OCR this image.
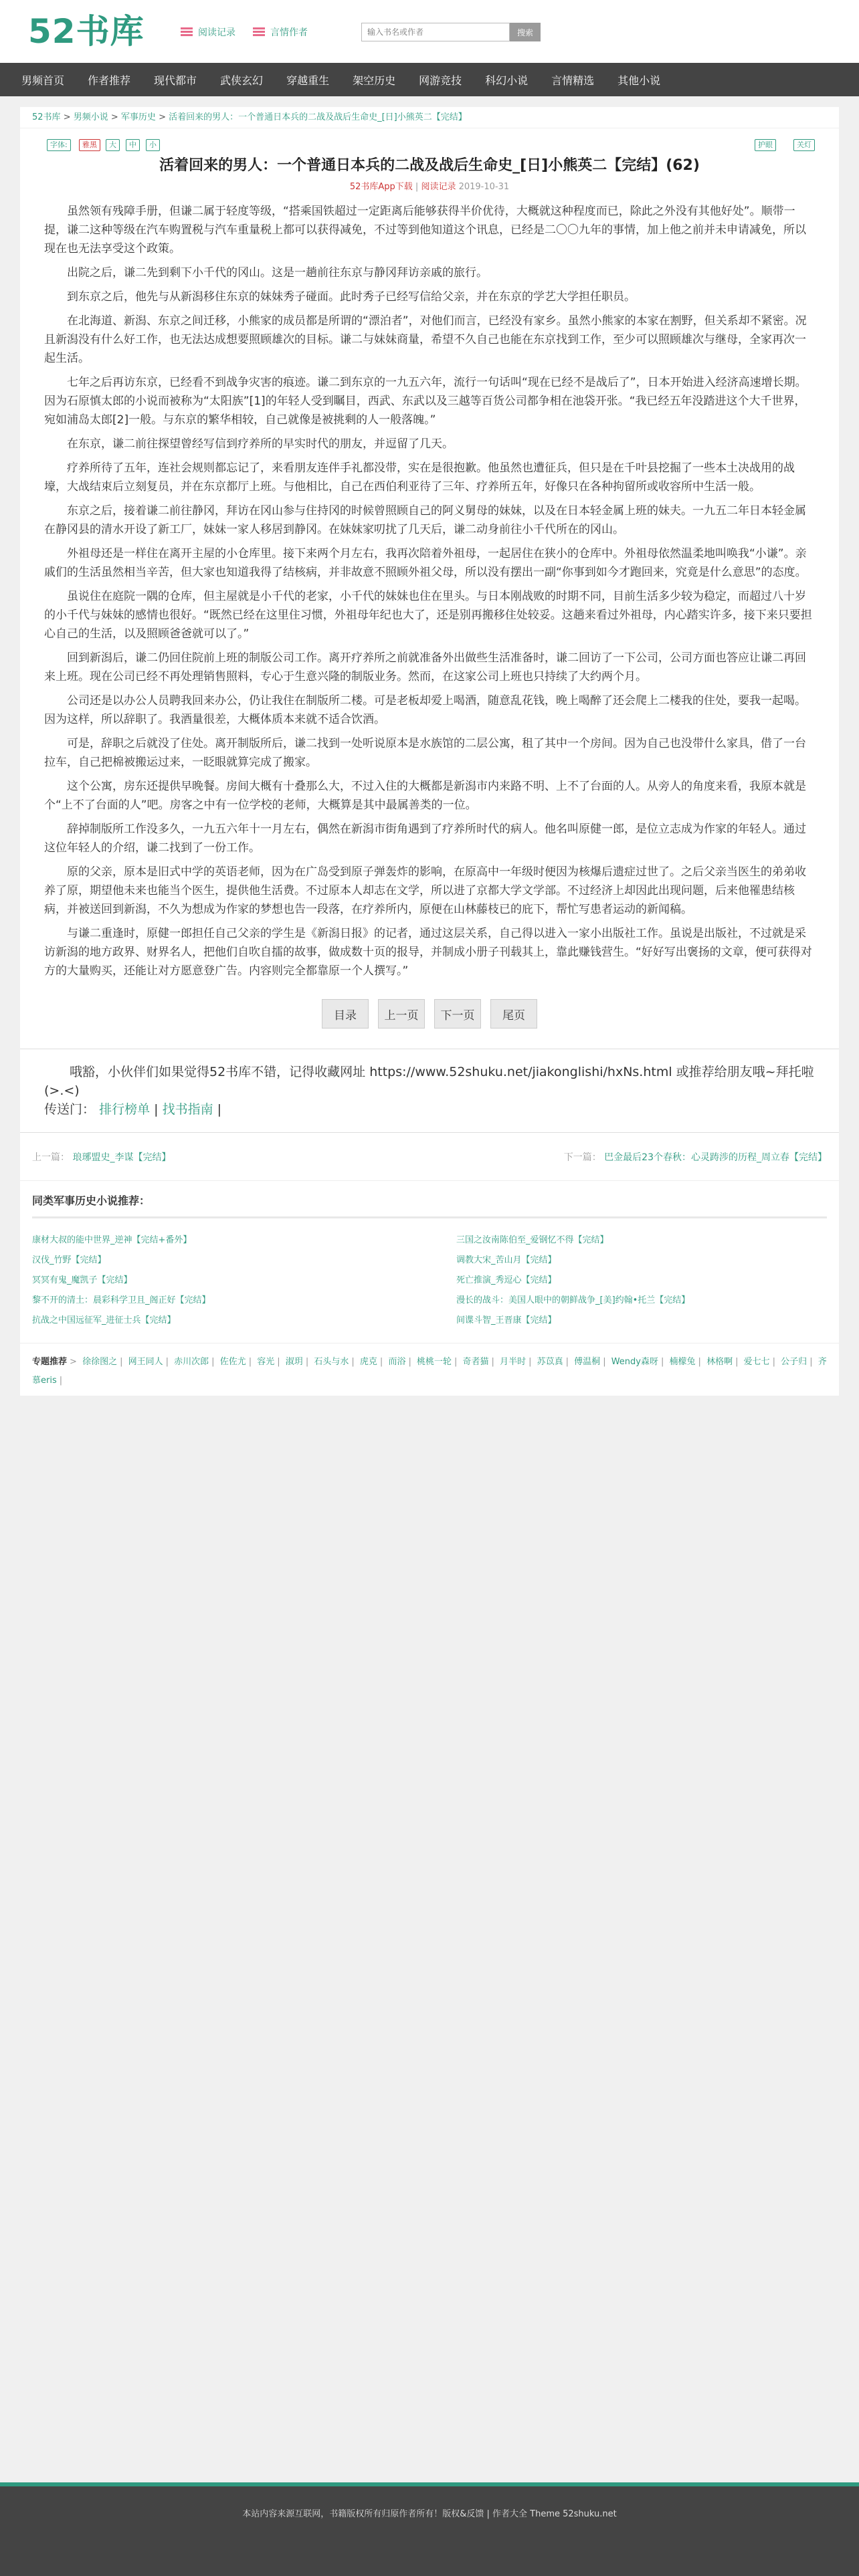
52书库	阅读记录	言情作者
输入书名或作者	搜索
男频首页 作者推荐 现代都市 武侠玄幻 穿越重生 架空历史 网游竞技 科幻小说 言情精选 其他小说
52书库 > 男频小说 > 军事历史 > 活着回来的男人：一个普通日本兵的二战及战后生命史_[日]小熊英二【完结】
字体:	雅黑	大	中	小	护眼	关灯
活着回来的男人：一个普通日本兵的二战及战后生命史_[日]小熊英二【完结】(62)
52书库App下载 | 阅读记录 2019-10-31

虽然领有残障手册，但谦二属于轻度等级，“搭乘国铁超过一定距离后能够获得半价优待，大概就这种程度而已，除此之外没有其他好处”。顺带一提，谦二这种等级在汽车购置税与汽车重量税上都可以获得减免，不过等到他知道这个讯息，已经是二〇〇九年的事情，加上他之前并未申请减免，所以现在也无法享受这个政策。

出院之后，谦二先到剩下小千代的冈山。这是一趟前往东京与静冈拜访亲戚的旅行。

到东京之后，他先与从新潟移住东京的妹妹秀子碰面。此时秀子已经写信给父亲，并在东京的学艺大学担任职员。

在北海道、新潟、东京之间迁移，小熊家的成员都是所谓的“漂泊者”，对他们而言，已经没有家乡。虽然小熊家的本家在割野，但关系却不紧密。况且新潟没有什么好工作，也无法达成想要照顾雄次的目标。谦二与妹妹商量，希望不久自己也能在东京找到工作，至少可以照顾雄次与继母，全家再次一起生活。

七年之后再访东京，已经看不到战争灾害的痕迹。谦二到东京的一九五六年，流行一句话叫“现在已经不是战后了”，日本开始进入经济高速增长期。因为石原慎太郎的小说而被称为“太阳族”[1]的年轻人受到瞩目，西武、东武以及三越等百货公司都争相在池袋开张。“我已经五年没踏进这个大千世界，宛如浦岛太郎[2]一般。与东京的繁华相较，自己就像是被挑剩的人一般落魄。”

在东京，谦二前往探望曾经写信到疗养所的早实时代的朋友，并逗留了几天。

疗养所待了五年，连社会规则都忘记了，来看朋友连伴手礼都没带，实在是很抱歉。他虽然也遭征兵，但只是在千叶县挖掘了一些本土决战用的战壕，大战结束后立刻复员，并在东京都厅上班。与他相比，自己在西伯利亚待了三年、疗养所五年，好像只在各种拘留所或收容所中生活一般。

东京之后，接着谦二前往静冈，拜访在冈山参与住持冈的时候曾照顾自己的阿义舅母的妹妹，以及在日本轻金属上班的妹夫。一九五二年日本轻金属在静冈县的清水开设了新工厂，妹妹一家人移居到静冈。在妹妹家叨扰了几天后，谦二动身前往小千代所在的冈山。

外祖母还是一样住在离开主屋的小仓库里。接下来两个月左右，我再次陪着外祖母，一起居住在狭小的仓库中。外祖母依然温柔地叫唤我“小谦”。亲戚们的生活虽然相当辛苦，但大家也知道我得了结核病，并非故意不照顾外祖父母，所以没有摆出一副“你事到如今才跑回来，究竟是什么意思”的态度。

虽说住在庭院一隅的仓库，但主屋就是小千代的老家，小千代的妹妹也住在里头。与日本刚战败的时期不同，目前生活多少较为稳定，而超过八十岁的小千代与妹妹的感情也很好。“既然已经在这里住习惯，外祖母年纪也大了，还是别再搬移住处较妥。这趟来看过外祖母，内心踏实许多，接下来只要担心自己的生活，以及照顾爸爸就可以了。”

回到新潟后，谦二仍回住院前上班的制版公司工作。离开疗养所之前就准备外出做些生活准备时，谦二回访了一下公司，公司方面也答应让谦二再回来上班。现在公司已经不再处理销售照料，专心于生意兴隆的制版业务。然而，在这家公司上班也只持续了大约两个月。

公司还是以办公人员聘我回来办公，仍让我住在制版所二楼。可是老板却爱上喝酒，随意乱花钱，晚上喝醉了还会爬上二楼我的住处，要我一起喝。因为这样，所以辞职了。我酒量很差，大概体质本来就不适合饮酒。

可是，辞职之后就没了住处。离开制版所后，谦二找到一处听说原本是水族馆的二层公寓，租了其中一个房间。因为自己也没带什么家具，借了一台拉车，自己把棉被搬运过来，一眨眼就算完成了搬家。

这个公寓，房东还提供早晚餐。房间大概有十叠那么大，不过入住的大概都是新潟市内来路不明、上不了台面的人。从旁人的角度来看，我原本就是个“上不了台面的人”吧。房客之中有一位学校的老师，大概算是其中最属善类的一位。

辞掉制版所工作没多久，一九五六年十一月左右，偶然在新潟市街角遇到了疗养所时代的病人。他名叫原健一郎，是位立志成为作家的年轻人。通过这位年轻人的介绍，谦二找到了一份工作。

原的父亲，原本是旧式中学的英语老师，因为在广岛受到原子弹轰炸的影响，在原高中一年级时便因为核爆后遗症过世了。之后父亲当医生的弟弟收养了原，期望他未来也能当个医生，提供他生活费。不过原本人却志在文学，所以进了京都大学文学部。不过经济上却因此出现问题，后来他罹患结核病，并被送回到新潟，不久为想成为作家的梦想也告一段落，在疗养所内，原便在山林藤枝已的庇下，帮忙写患者运动的新闻稿。

与谦二重逢时，原健一郎担任自己父亲的学生是《新潟日报》的记者，通过这层关系，自己得以进入一家小出版社工作。虽说是出版社，不过就是采访新潟的地方政界、财界名人，把他们自吹自擂的故事，做成数十页的报导，并制成小册子刊载其上，靠此赚钱营生。“好好写出褒扬的文章，便可获得对方的大量购买，还能让对方愿意登广告。内容则完全都靠原一个人撰写。”

目录	上一页	下一页	尾页
哦豁，小伙伴们如果觉得52书库不错，记得收藏网址 https://www.52shuku.net/jiakonglishi/hxNs.html 或推荐给朋友哦~拜托啦 (>.<)
传送门： 排行榜单 | 找书指南 |
上一篇： 琅琊盟史_李谋【完结】	下一篇： 巴金最后23个春秋：心灵踌涉的历程_周立春【完结】
同类军事历史小说推荐：
康材大叔的能中世界_逆神【完结+番外】	三国之汝南陈伯至_爱钢忆不得【完结】
汉伐_竹野【完结】	调教大宋_苦山月【完结】
冥冥有鬼_魔凯子【完结】	死亡推演_秀逗心【完结】
黎不开的清土：晨彩科学卫且_阁正好【完结】	漫长的战斗：美国人眼中的朝鲜战争_[美]约翰•托兰【完结】
抗战之中国远征军_进征士兵【完结】	间谍斗智_王晋康【完结】
专题推荐 > 徐徐图之 | 网王同人 | 赤川次郎 | 佐佐尤 | 容光 | 淑玥 | 石头与水 | 虎克 | 而浴 | 桃桃一轮 | 奇者猫 | 月半时 | 苏苡真 | 傅温桐 | Wendy森呀 | 楠檬兔 | 林格啊 | 爱七七 | 公子归 | 齐慕eris |
本站内容来源互联网，书籍版权所有归原作者所有！版权&反馈 | 作者大全 Theme 52shuku.net
